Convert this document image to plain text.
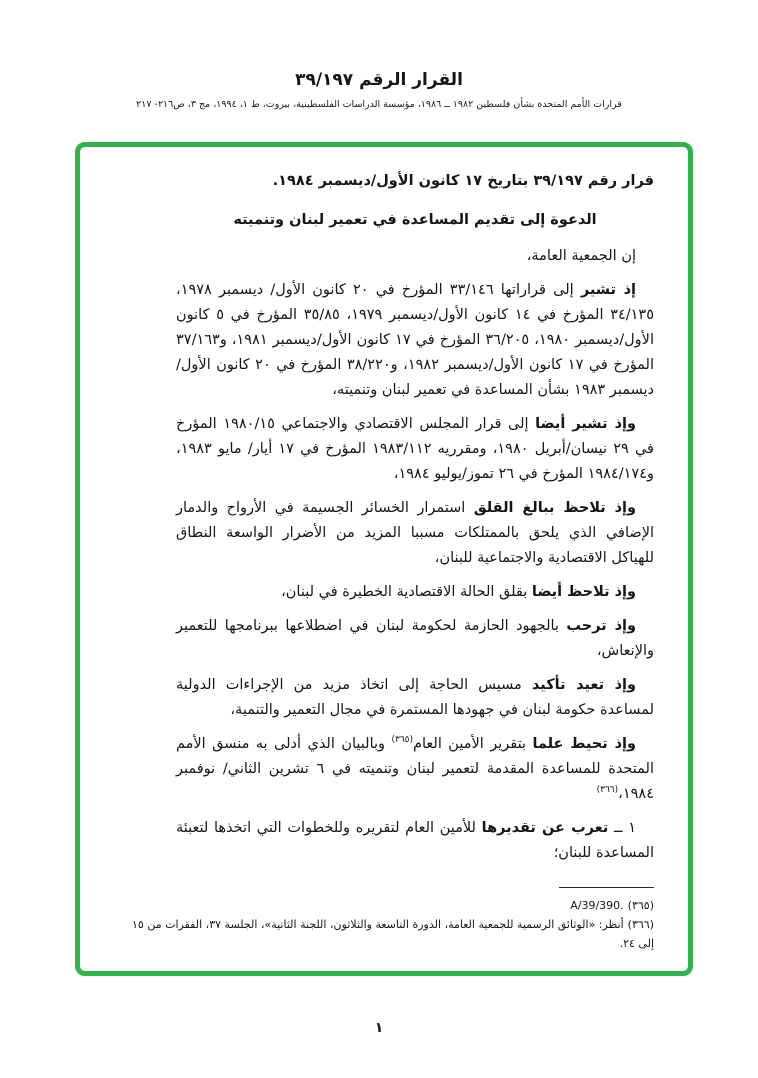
القرار الرقم ٣٩/١٩٧
قرارات الأمم المتحدة بشأن فلسطين ١٩٨٢ ــ ١٩٨٦، مؤسسة الدراسات الفلسطينية، بيروت، ط ١، ١٩٩٤، مج ٣، ص٢١٦- ٢١٧

قرار رقم ٣٩/١٩٧ بتاريخ ١٧ كانون الأول/ديسمبر ١٩٨٤.

الدعوة إلى تقديم المساعدة في تعمير لبنان وتنميته

إن الجمعية العامة،

إذ تشير إلى قراراتها ٣٣/١٤٦ المؤرخ في ٢٠ كانون الأول/ ديسمبر ١٩٧٨، ٣٤/١٣٥ المؤرخ في ١٤ كانون الأول/ديسمبر ١٩٧٩، ٣٥/٨٥ المؤرخ في ٥ كانون الأول/ديسمبر ١٩٨٠، ٣٦/٢٠٥ المؤرخ في ١٧ كانون الأول/ديسمبر ١٩٨١، و٣٧/١٦٣ المؤرخ في ١٧ كانون الأول/ديسمبر ١٩٨٢، و٣٨/٢٢٠ المؤرخ في ٢٠ كانون الأول/ديسمبر ١٩٨٣ بشأن المساعدة في تعمير لبنان وتنميته،

وإذ تشير أيضا إلى قرار المجلس الاقتصادي والاجتماعي ١٩٨٠/١٥ المؤرخ في ٢٩ نيسان/أبريل ١٩٨٠، ومقرريه ١٩٨٣/١١٢ المؤرخ في ١٧ أيار/ مايو ١٩٨٣، و١٩٨٤/١٧٤ المؤرخ في ٢٦ تموز/يوليو ١٩٨٤،

وإذ تلاحظ ببالغ القلق استمرار الخسائر الجسيمة في الأرواح والدمار الإضافي الذي يلحق بالممتلكات مسببا المزيد من الأضرار الواسعة النطاق للهياكل الاقتصادية والاجتماعية للبنان،

وإذ تلاحظ أيضا بقلق الحالة الاقتصادية الخطيرة في لبنان،

وإذ ترحب بالجهود الحازمة لحكومة لبنان في اضطلاعها ببرنامجها للتعمير والإنعاش،

وإذ تعيد تأكيد مسيس الحاجة إلى اتخاذ مزيد من الإجراءات الدولية لمساعدة حكومة لبنان في جهودها المستمرة في مجال التعمير والتنمية،

وإذ تحيط علما بتقرير الأمين العام$^{(٣٦٥)}$ وبالبيان الذي أدلى به منسق الأمم المتحدة للمساعدة المقدمة لتعمير لبنان وتنميته في ٦ تشرين الثاني/ نوفمبر ١٩٨٤،$^{(٣٦٦)}$

١ ــ تعرب عن تقديرها للأمين العام لتقريره وللخطوات التي اتخذها لتعبئة المساعدة للبنان؛

(٣٦٥)A/39/390.

(٣٦٦)أنظر: «الوثائق الرسمية للجمعية العامة، الدورة التاسعة والثلاثون، اللجنة الثانية»، الجلسة ٣٧، الفقرات من ١٥ إلى ٢٤.

١
